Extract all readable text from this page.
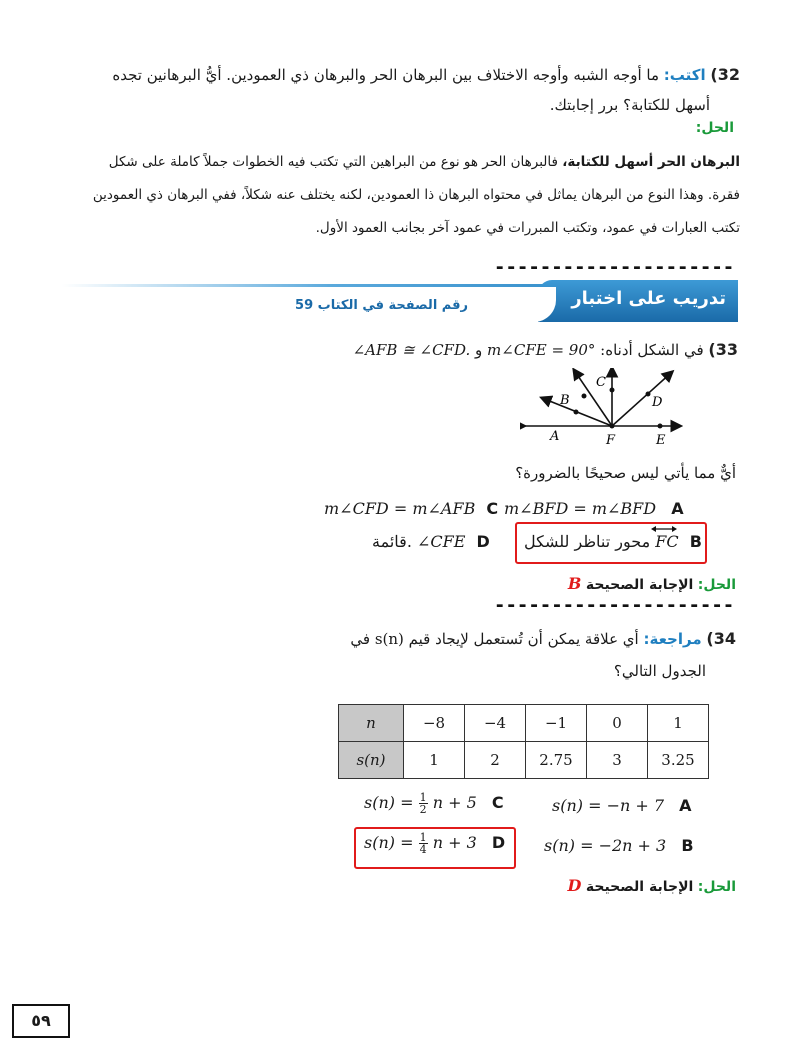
32) اكتب: ما أوجه الشبه وأوجه الاختلاف بين البرهان الحر والبرهان ذي العمودين. أيُّ البرهانين تجده
أسهل للكتابة؟ برر إجابتك.
الحل:
البرهان الحر أسهل للكتابة، فالبرهان الحر هو نوع من البراهين التي تكتب فيه الخطوات جملاً كاملة على شكل
فقرة. وهذا النوع من البرهان يماثل في محتواه البرهان ذا العمودين، لكنه يختلف عنه شكلاً، ففي البرهان ذي العمودين
تكتب العبارات في عمود، وتكتب المبررات في عمود آخر بجانب العمود الأول.
---------------------
تدريب على اختبار
رقم الصفحة في الكتاب 59
33) في الشكل أدناه: m∠CFE = 90° و ∠AFB ≅ ∠CFD.
A
B
C
D
E
F
أيٌّ مما يأتي ليس صحيحًا بالضرورة؟
m∠CFD = m∠AFB C m∠BFD = m∠BFD A
قائمة. ∠CFE D محور تناظر للشكل FC B
الحل: الإجابة الصحيحة B
---------------------
34) مراجعة: أي علاقة يمكن أن تُستعمل لإيجاد قيم s(n) في
الجدول التالي؟
n	−8	−4	−1	0	1
s(n)	1	2	2.75	3	3.25
$s(n) = \frac{1}{2}$ n + 5 C	s(n) = −n + 7 A
$s(n) = \frac{1}{4}$ n + 3 D s(n) = −2n + 3 B
الحل: الإجابة الصحيحة D
٥٩
